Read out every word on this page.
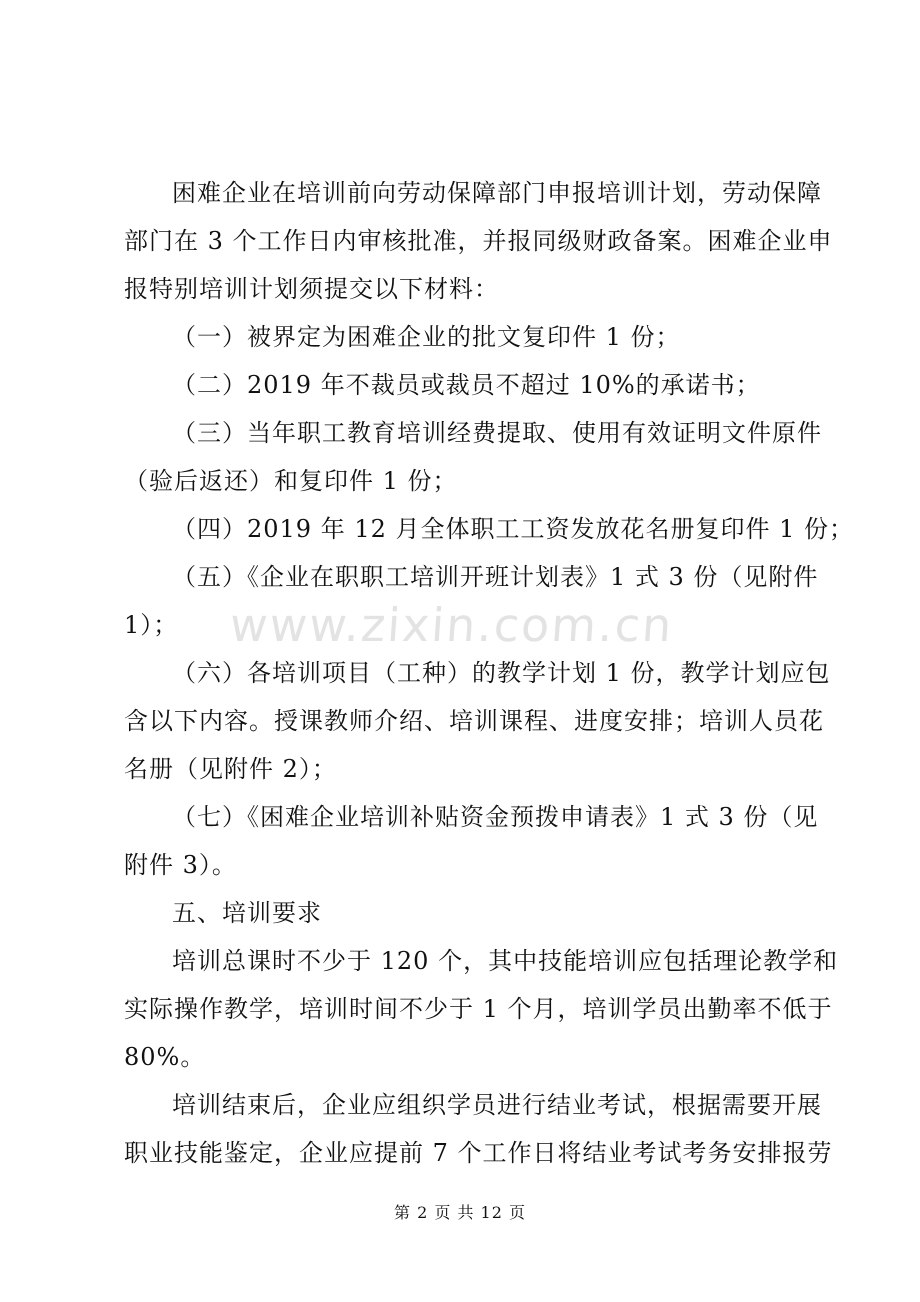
www.zixin.com.cn
困难企业在培训前向劳动保障部门申报培训计划，劳动保障
部门在 3 个工作日内审核批准，并报同级财政备案。困难企业申
报特别培训计划须提交以下材料：
（一）被界定为困难企业的批文复印件 1 份；
（二）2019 年不裁员或裁员不超过 10%的承诺书；
（三）当年职工教育培训经费提取、使用有效证明文件原件
（验后返还）和复印件 1 份；
（四）2019 年 12 月全体职工工资发放花名册复印件 1 份；
（五）《企业在职职工培训开班计划表》1 式 3 份（见附件
1）；
（六）各培训项目（工种）的教学计划 1 份，教学计划应包
含以下内容。授课教师介绍、培训课程、进度安排；培训人员花
名册（见附件 2）；
（七）《困难企业培训补贴资金预拨申请表》1 式 3 份（见
附件 3）。
五、培训要求
培训总课时不少于 120 个，其中技能培训应包括理论教学和
实际操作教学，培训时间不少于 1 个月，培训学员出勤率不低于
80%。
培训结束后，企业应组织学员进行结业考试，根据需要开展
职业技能鉴定，企业应提前 7 个工作日将结业考试考务安排报劳
第 2 页 共 12 页
